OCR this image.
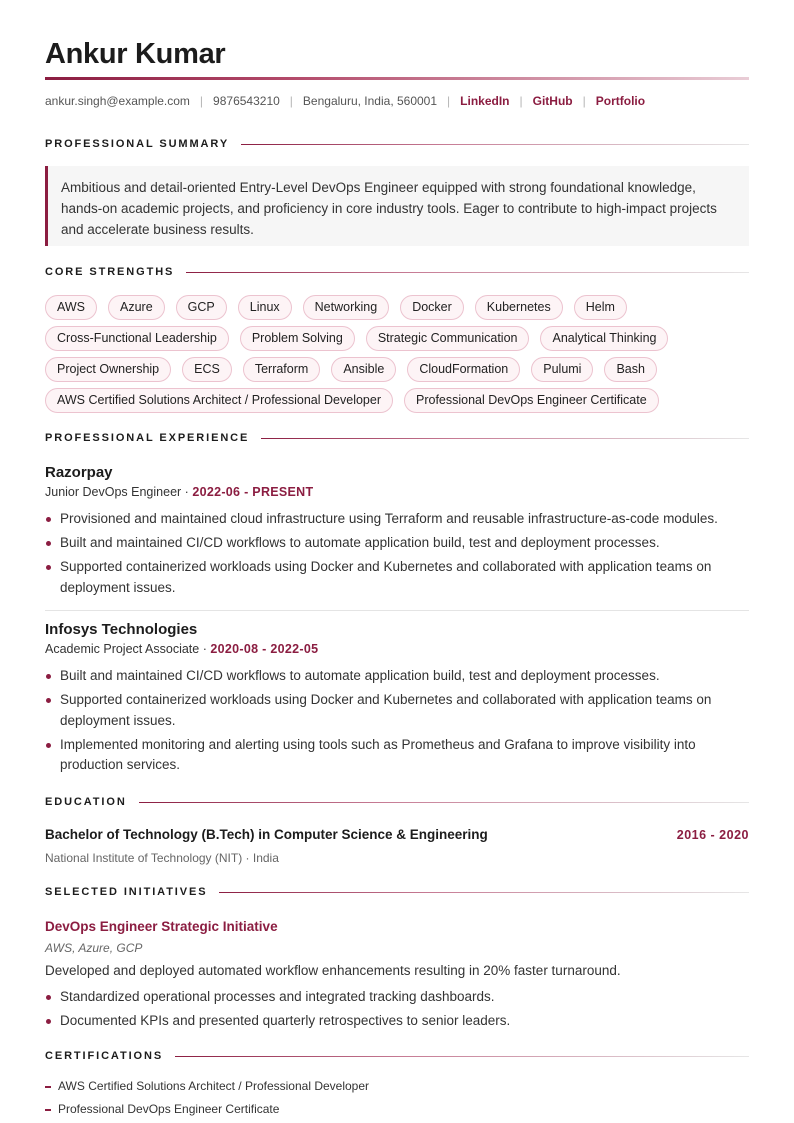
Ankur Kumar
ankur.singh@example.com | 9876543210 | Bengaluru, India, 560001 | LinkedIn | GitHub | Portfolio
PROFESSIONAL SUMMARY
Ambitious and detail-oriented Entry-Level DevOps Engineer equipped with strong foundational knowledge,
hands-on academic projects, and proficiency in core industry tools. Eager to contribute to high-impact projects
and accelerate business results.
CORE STRENGTHS
AWS	Azure	GCP	Linux	Networking	Docker	Kubernetes	Helm
Cross-Functional Leadership	Problem Solving	Strategic Communication	Analytical Thinking
Project Ownership	ECS	Terraform	Ansible	CloudFormation	Pulumi	Bash
AWS Certified Solutions Architect / Professional Developer	Professional DevOps Engineer Certificate
PROFESSIONAL EXPERIENCE
Razorpay
Junior DevOps Engineer · 2022-06 - PRESENT
Provisioned and maintained cloud infrastructure using Terraform and reusable infrastructure-as-code modules.
Built and maintained CI/CD workflows to automate application build, test and deployment processes.
Supported containerized workloads using Docker and Kubernetes and collaborated with application teams on deployment issues.
Infosys Technologies
Academic Project Associate · 2020-08 - 2022-05
Built and maintained CI/CD workflows to automate application build, test and deployment processes.
Supported containerized workloads using Docker and Kubernetes and collaborated with application teams on deployment issues.
Implemented monitoring and alerting using tools such as Prometheus and Grafana to improve visibility into production services.
EDUCATION
Bachelor of Technology (B.Tech) in Computer Science & Engineering	2016 - 2020
National Institute of Technology (NIT) · India
SELECTED INITIATIVES
DevOps Engineer Strategic Initiative
AWS, Azure, GCP
Developed and deployed automated workflow enhancements resulting in 20% faster turnaround.
Standardized operational processes and integrated tracking dashboards.
Documented KPIs and presented quarterly retrospectives to senior leaders.
CERTIFICATIONS
AWS Certified Solutions Architect / Professional Developer
Professional DevOps Engineer Certificate
